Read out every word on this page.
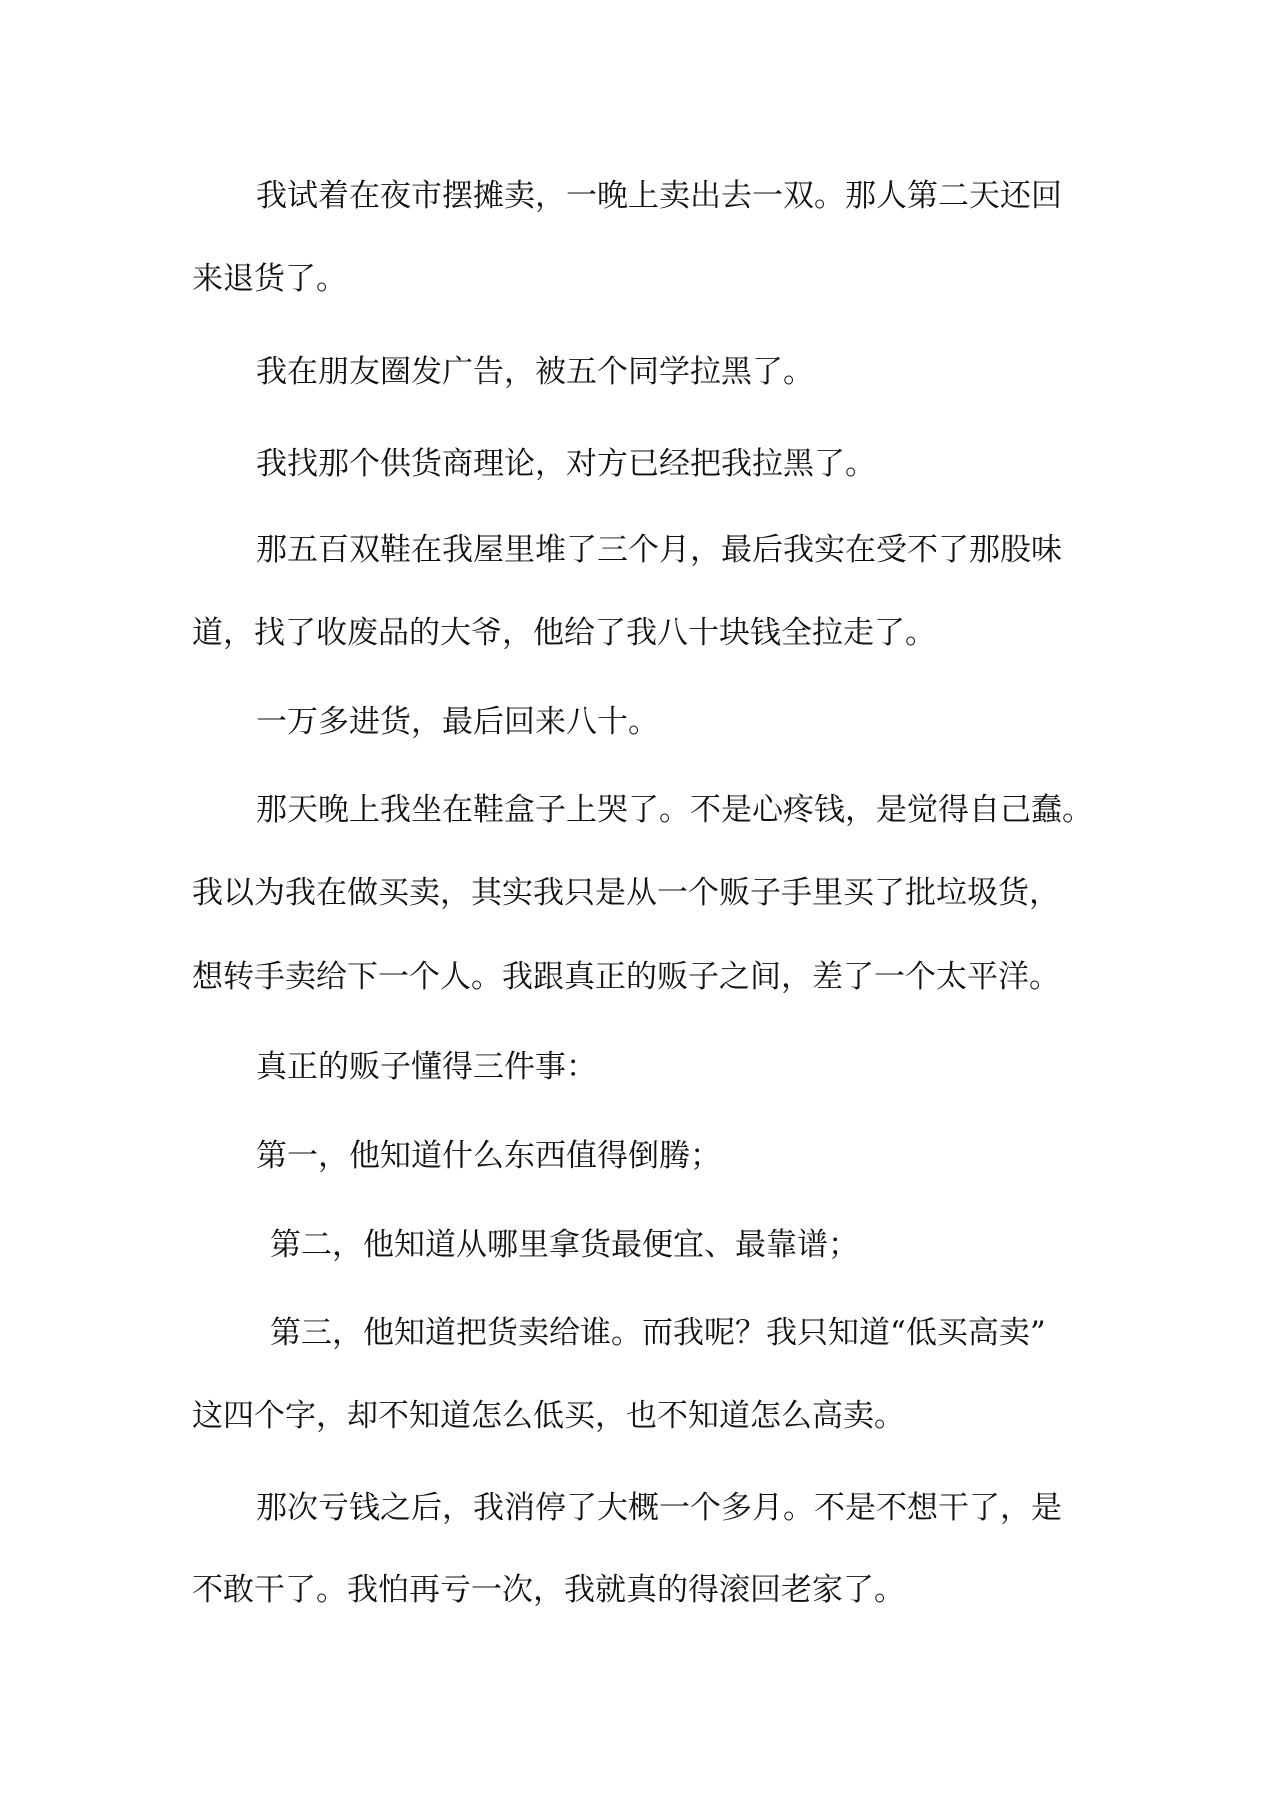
我试着在夜市摆摊卖，一晚上卖出去一双。那人第二天还回

来退货了。

我在朋友圈发广告，被五个同学拉黑了。

我找那个供货商理论，对方已经把我拉黑了。

那五百双鞋在我屋里堆了三个月，最后我实在受不了那股味

道，找了收废品的大爷，他给了我八十块钱全拉走了。

一万多进货，最后回来八十。

那天晚上我坐在鞋盒子上哭了。不是心疼钱，是觉得自己蠢。

我以为我在做买卖，其实我只是从一个贩子手里买了批垃圾货，

想转手卖给下一个人。我跟真正的贩子之间，差了一个太平洋。

真正的贩子懂得三件事：

第一，他知道什么东西值得倒腾；

第二，他知道从哪里拿货最便宜、最靠谱；

第三，他知道把货卖给谁。而我呢？我只知道“低买高卖”

这四个字，却不知道怎么低买，也不知道怎么高卖。

那次亏钱之后，我消停了大概一个多月。不是不想干了，是

不敢干了。我怕再亏一次，我就真的得滚回老家了。
